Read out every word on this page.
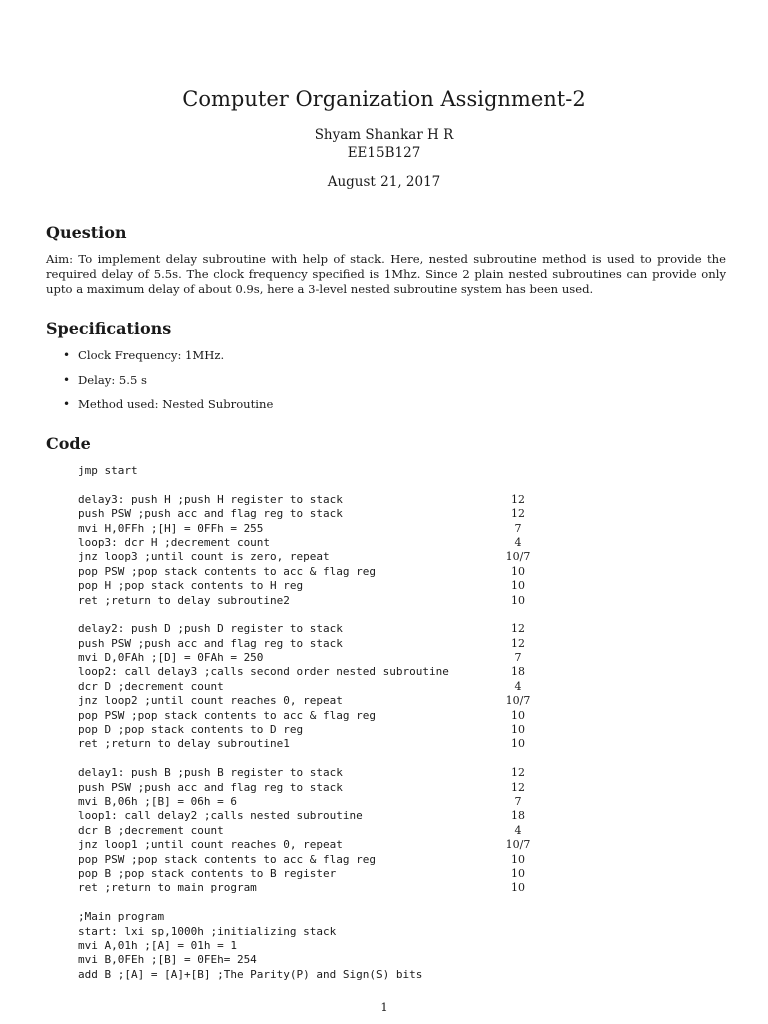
Computer Organization Assignment-2
Shyam Shankar H R
EE15B127
August 21, 2017
Question

Aim: To implement delay subroutine with help of stack. Here, nested subroutine method is used to provide the required delay of 5.5s. The clock frequency specified is 1Mhz. Since 2 plain nested subroutines can provide only upto a maximum delay of about 0.9s, here a 3-level nested subroutine system has been used.

Specifications
• Clock Frequency: 1MHz.
• Delay: 5.5 s
• Method used: Nested Subroutine
Code
jmp start
delay3: push H ;push H register to stack	12
push PSW ;push acc and flag reg to stack	12
mvi H,0FFh ;[H] = 0FFh = 255	7
loop3: dcr H ;decrement count	4
jnz loop3 ;until count is zero, repeat	10/7
pop PSW ;pop stack contents to acc & flag reg	10
pop H ;pop stack contents to H reg	10
ret ;return to delay subroutine2	10
delay2: push D ;push D register to stack	12
push PSW ;push acc and flag reg to stack	12
mvi D,0FAh ;[D] = 0FAh = 250	7
loop2: call delay3 ;calls second order nested subroutine	18
dcr D ;decrement count	4
jnz loop2 ;until count reaches 0, repeat	10/7
pop PSW ;pop stack contents to acc & flag reg	10
pop D ;pop stack contents to D reg	10
ret ;return to delay subroutine1	10
delay1: push B ;push B register to stack	12
push PSW ;push acc and flag reg to stack	12
mvi B,06h ;[B] = 06h = 6	7
loop1: call delay2 ;calls nested subroutine	18
dcr B ;decrement count	4
jnz loop1 ;until count reaches 0, repeat	10/7
pop PSW ;pop stack contents to acc & flag reg	10
pop B ;pop stack contents to B register	10
ret ;return to main program	10
;Main program
start: lxi sp,1000h ;initializing stack
mvi A,01h ;[A] = 01h = 1
mvi B,0FEh ;[B] = 0FEh= 254
add B ;[A] = [A]+[B] ;The Parity(P) and Sign(S) bits
1
